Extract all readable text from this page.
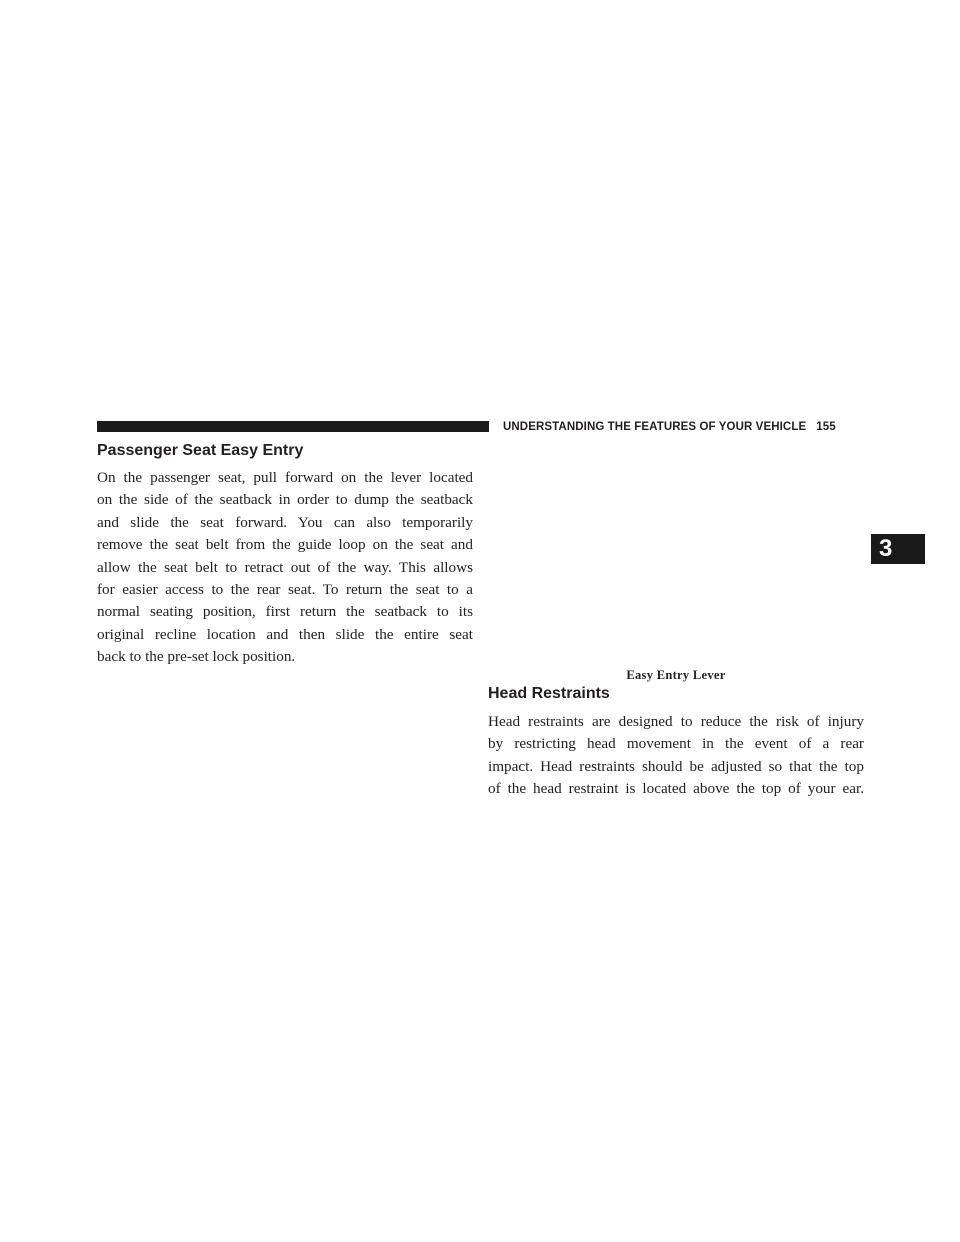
UNDERSTANDING THE FEATURES OF YOUR VEHICLE 155
3
Passenger Seat Easy Entry
On the passenger seat, pull forward on the lever located
on the side of the seatback in order to dump the seatback
and slide the seat forward. You can also temporarily
remove the seat belt from the guide loop on the seat and
allow the seat belt to retract out of the way. This allows
for easier access to the rear seat. To return the seat to a
normal seating position, first return the seatback to its
original recline location and then slide the entire seat
back to the pre-set lock position.
Easy Entry Lever
Head Restraints
Head restraints are designed to reduce the risk of injury
by restricting head movement in the event of a rear
impact. Head restraints should be adjusted so that the top
of the head restraint is located above the top of your ear.
